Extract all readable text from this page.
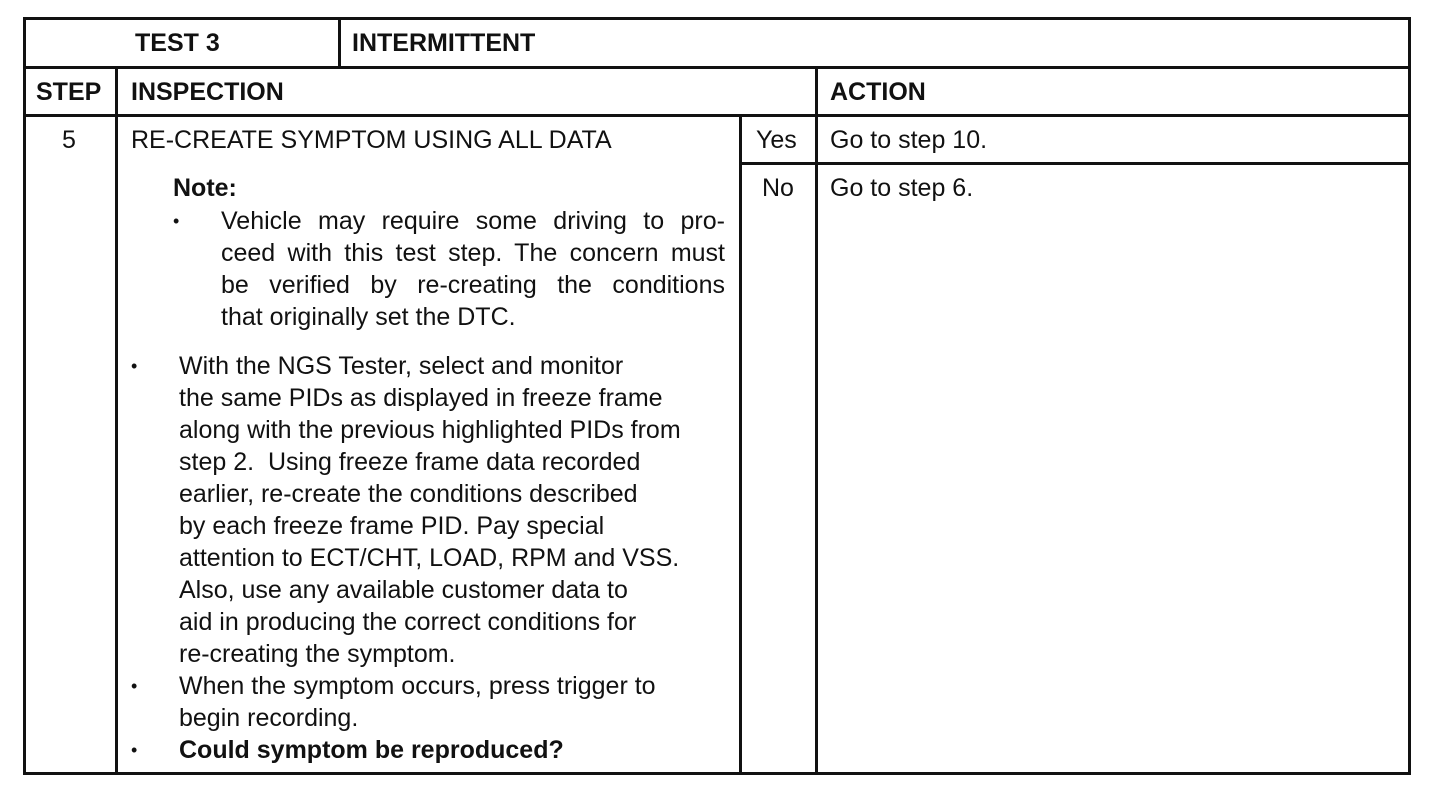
TEST 3	INTERMITTENT
STEP INSPECTION	ACTION
5 RE-CREATE SYMPTOM USING ALL DATA
Note:
• Vehicle may require some driving to pro-
ceed with this test step. The concern must
be verified by re-creating the conditions
that originally set the DTC.
• With the NGS Tester, select and monitor
the same PIDs as displayed in freeze frame
along with the previous highlighted PIDs from
step 2.  Using freeze frame data recorded
earlier, re-create the conditions described
by each freeze frame PID. Pay special
attention to ECT/CHT, LOAD, RPM and VSS.
Also, use any available customer data to
aid in producing the correct conditions for
re-creating the symptom.
• When the symptom occurs, press trigger to
begin recording.
• Could symptom be reproduced?
Yes Go to step 10.
No Go to step 6.
